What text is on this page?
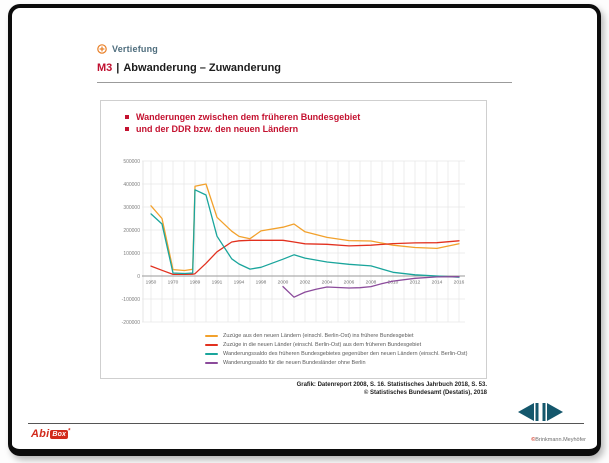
Vertiefung
M3 | Abwanderung – Zuwanderung
Wanderungen zwischen dem früheren Bundesgebiet
und der DDR bzw. den neuen Ländern
500000
400000
300000
200000
100000
0
-100000
-200000
1950 1970 1989 1991 1994 1998 2000 2002 2004 2006 2008 2010 2012 2014 2016
Zuzüge aus den neuen Ländern (einschl. Berlin-Ost) ins frühere Bundesgebiet
Zuzüge in die neuen Länder (einschl. Berlin-Ost) aus dem früheren Bundesgebiet
Wanderungssaldo des früheren Bundesgebietes gegenüber den neuen Ländern (einschl. Berlin-Ost)
Wanderungssaldo für die neuen Bundesländer ohne Berlin
Grafik: Datenreport 2008, S. 16. Statistisches Jahrbuch 2018, S. 53.
© Statistisches Bundesamt (Destatis), 2018
Abi Box *
©Brinkmann.Meyhöfer
